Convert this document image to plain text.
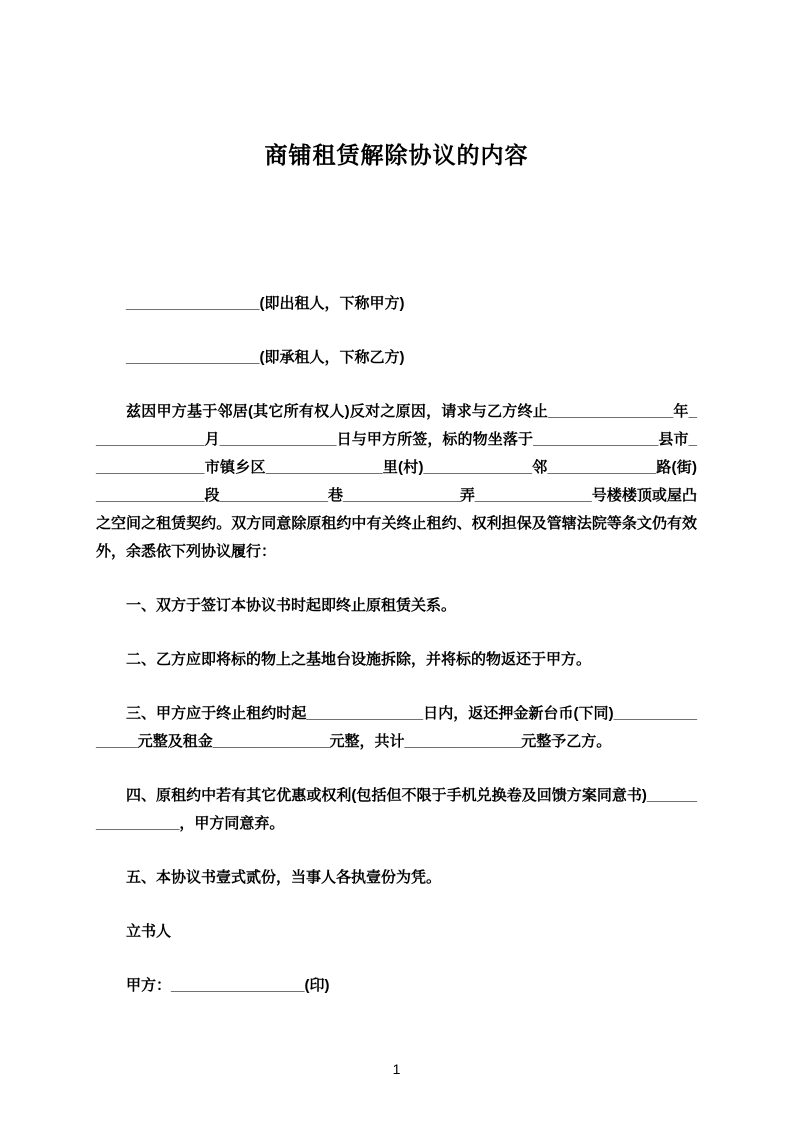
商铺租赁解除协议的内容

________________(即出租人，下称甲方)

________________(即承租人，下称乙方)

兹因甲方基于邻居(其它所有权人)反对之原因，请求与乙方终止_______________年______________月______________日与甲方所签，标的物坐落于_______________县市______________市镇乡区______________里(村)_____________邻_____________路(街)_____________段_____________巷______________弄______________号楼楼顶或屋凸之空间之租赁契约。双方同意除原租约中有关终止租约、权利担保及管辖法院等条文仍有效外，余悉依下列协议履行：

一、双方于签订本协议书时起即终止原租赁关系。

二、乙方应即将标的物上之基地台设施拆除，并将标的物返还于甲方。

三、甲方应于终止租约时起______________日内，返还押金新台币(下同)_______________元整及租金______________元整，共计______________元整予乙方。

四、原租约中若有其它优惠或权利(包括但不限于手机兑换卷及回馈方案同意书)________________，甲方同意弃。

五、本协议书壹式贰份，当事人各执壹份为凭。

立书人

甲方：________________(印)

1
